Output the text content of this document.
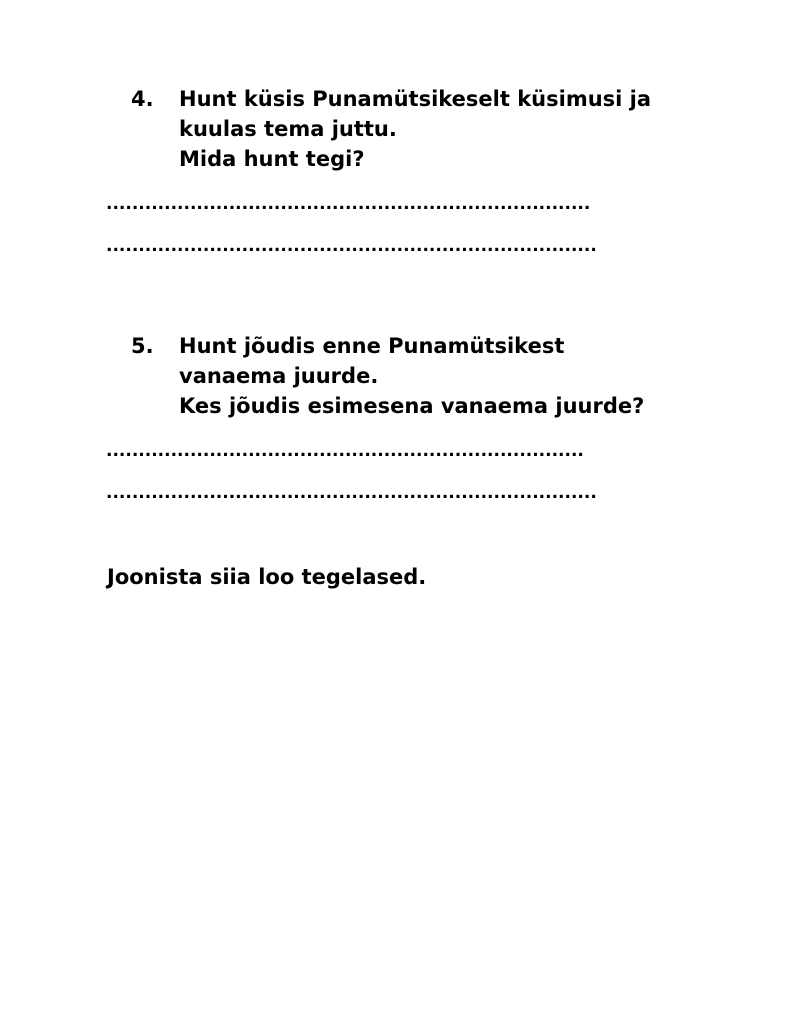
4. Hunt küsis Punamütsikeselt küsimusi ja
kuulas tema juttu.
Mida hunt tegi?
...........................................................................
............................................................................
5. Hunt jõudis enne Punamütsikest
vanaema juurde.
Kes jõudis esimesena vanaema juurde?
..........................................................................
............................................................................
Joonista siia loo tegelased.
